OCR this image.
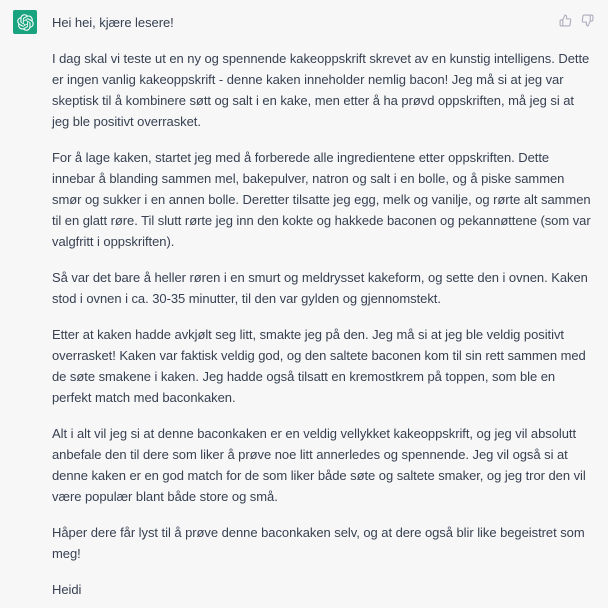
Hei hei, kjære lesere!

I dag skal vi teste ut en ny og spennende kakeoppskrift skrevet av en kunstig intelligens. Dette er ingen vanlig kakeoppskrift - denne kaken inneholder nemlig bacon! Jeg må si at jeg var skeptisk til å kombinere søtt og salt i en kake, men etter å ha prøvd oppskriften, må jeg si at jeg ble positivt overrasket.

For å lage kaken, startet jeg med å forberede alle ingredientene etter oppskriften. Dette innebar å blanding sammen mel, bakepulver, natron og salt i en bolle, og å piske sammen smør og sukker i en annen bolle. Deretter tilsatte jeg egg, melk og vanilje, og rørte alt sammen til en glatt røre. Til slutt rørte jeg inn den kokte og hakkede baconen og pekannøttene (som var valgfritt i oppskriften).

Så var det bare å heller røren i en smurt og meldrysset kakeform, og sette den i ovnen. Kaken stod i ovnen i ca. 30-35 minutter, til den var gylden og gjennomstekt.

Etter at kaken hadde avkjølt seg litt, smakte jeg på den. Jeg må si at jeg ble veldig positivt overrasket! Kaken var faktisk veldig god, og den saltete baconen kom til sin rett sammen med de søte smakene i kaken. Jeg hadde også tilsatt en kremostkrem på toppen, som ble en perfekt match med baconkaken.

Alt i alt vil jeg si at denne baconkaken er en veldig vellykket kakeoppskrift, og jeg vil absolutt anbefale den til dere som liker å prøve noe litt annerledes og spennende. Jeg vil også si at denne kaken er en god match for de som liker både søte og saltete smaker, og jeg tror den vil være populær blant både store og små.

Håper dere får lyst til å prøve denne baconkaken selv, og at dere også blir like begeistret som meg!

Heidi
